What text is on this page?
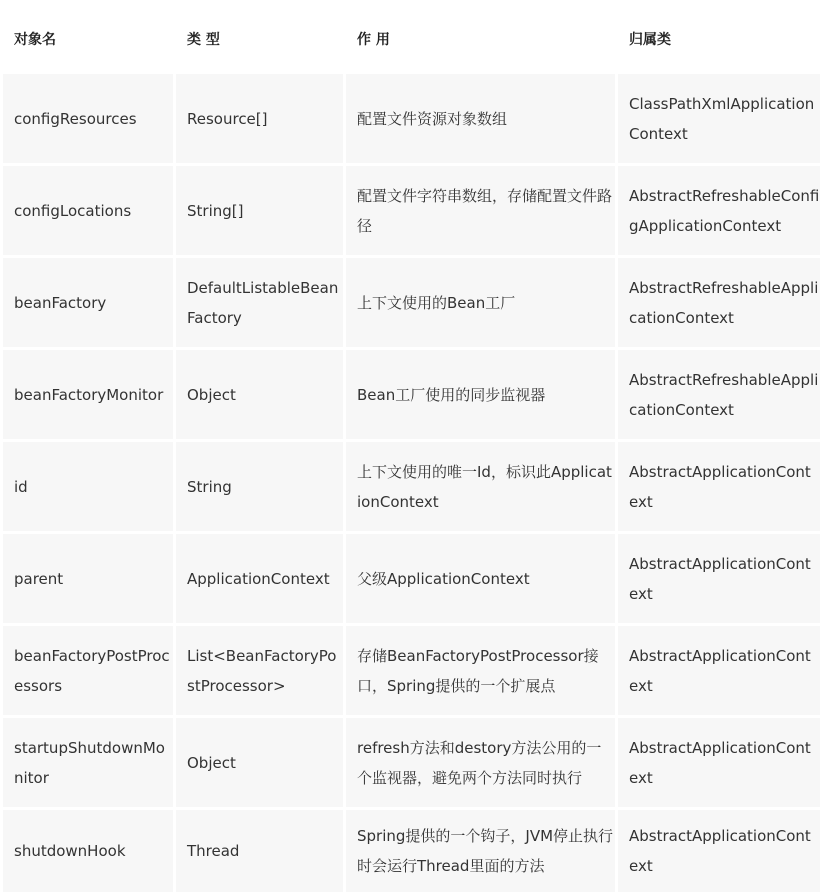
对象名	类 型	作 用	归属类
configResources	Resource[]	配置文件资源对象数组	ClassPathXmlApplicationContext
configLocations	String[]	配置文件字符串数组，存储配置文件路径	AbstractRefreshableConfigApplicationContext
beanFactory	DefaultListableBeanFactory	上下文使用的Bean工厂	AbstractRefreshableApplicationContext
beanFactoryMonitor	Object	Bean工厂使用的同步监视器	AbstractRefreshableApplicationContext
id	String	上下文使用的唯一Id，标识此ApplicationContext	AbstractApplicationContext
parent	ApplicationContext	父级ApplicationContext	AbstractApplicationContext
beanFactoryPostProcessors	List<BeanFactoryPostProcessor>	存储BeanFactoryPostProcessor接口，Spring提供的一个扩展点	AbstractApplicationContext
startupShutdownMonitor	Object	refresh方法和destory方法公用的一个监视器，避免两个方法同时执行	AbstractApplicationContext
shutdownHook	Thread	Spring提供的一个钩子，JVM停止执行时会运行Thread里面的方法	AbstractApplicationContext
